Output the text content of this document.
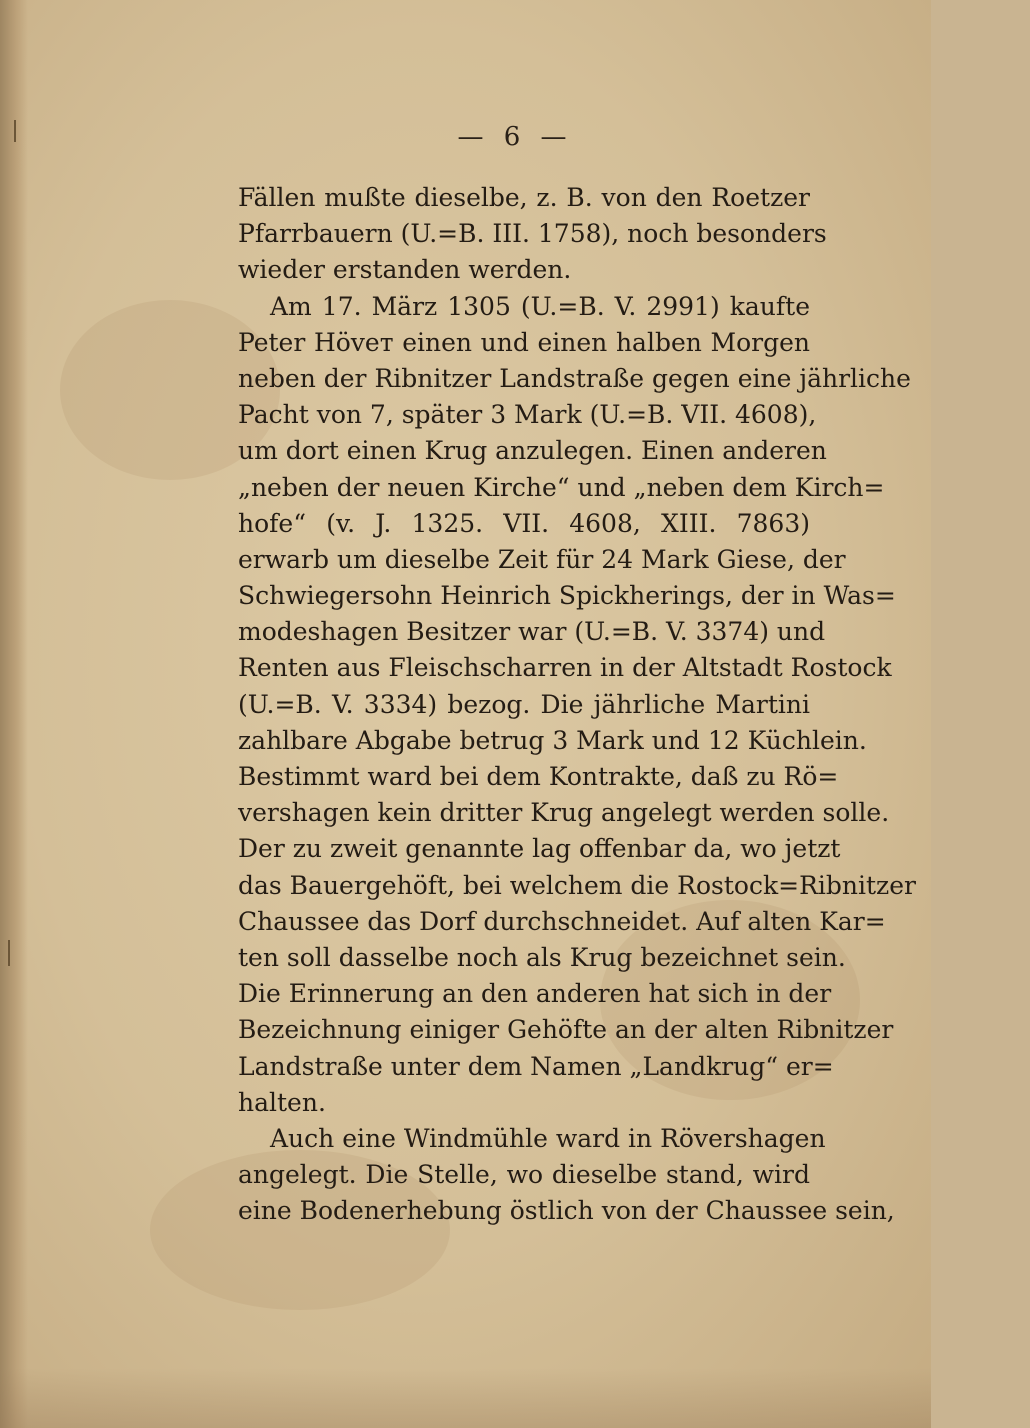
— 6 —
Fällen mußte dieselbe, z. B. von den Roetzer
Pfarrbauern (U.=B. III. 1758), noch besonders
wieder erstanden werden.
Am 17. März 1305 (U.=B. V. 2991) kaufte
Peter Höveт einen und einen halben Morgen
neben der Ribnitzer Landstraße gegen eine jährliche
Pacht von 7, später 3 Mark (U.=B. VII. 4608),
um dort einen Krug anzulegen. Einen anderen
„neben der neuen Kirche“ und „neben dem Kirch=
hofe“ (v. J. 1325. VII. 4608, XIII. 7863)
erwarb um dieselbe Zeit für 24 Mark Giese, der
Schwiegersohn Heinrich Spickherings, der in Was=
modeshagen Besitzer war (U.=B. V. 3374) und
Renten aus Fleischscharren in der Altstadt Rostock
(U.=B. V. 3334) bezog. Die jährliche Martini
zahlbare Abgabe betrug 3 Mark und 12 Küchlein.
Bestimmt ward bei dem Kontrakte, daß zu Rö=
vershagen kein dritter Krug angelegt werden solle.
Der zu zweit genannte lag offenbar da, wo jetzt
das Bauergehöft, bei welchem die Rostock=Ribnitzer
Chaussee das Dorf durchschneidet. Auf alten Kar=
ten soll dasselbe noch als Krug bezeichnet sein.
Die Erinnerung an den anderen hat sich in der
Bezeichnung einiger Gehöfte an der alten Ribnitzer
Landstraße unter dem Namen „Landkrug“ er=
halten.
Auch eine Windmühle ward in Rövershagen
angelegt. Die Stelle, wo dieselbe stand, wird
eine Bodenerhebung östlich von der Chaussee sein,
